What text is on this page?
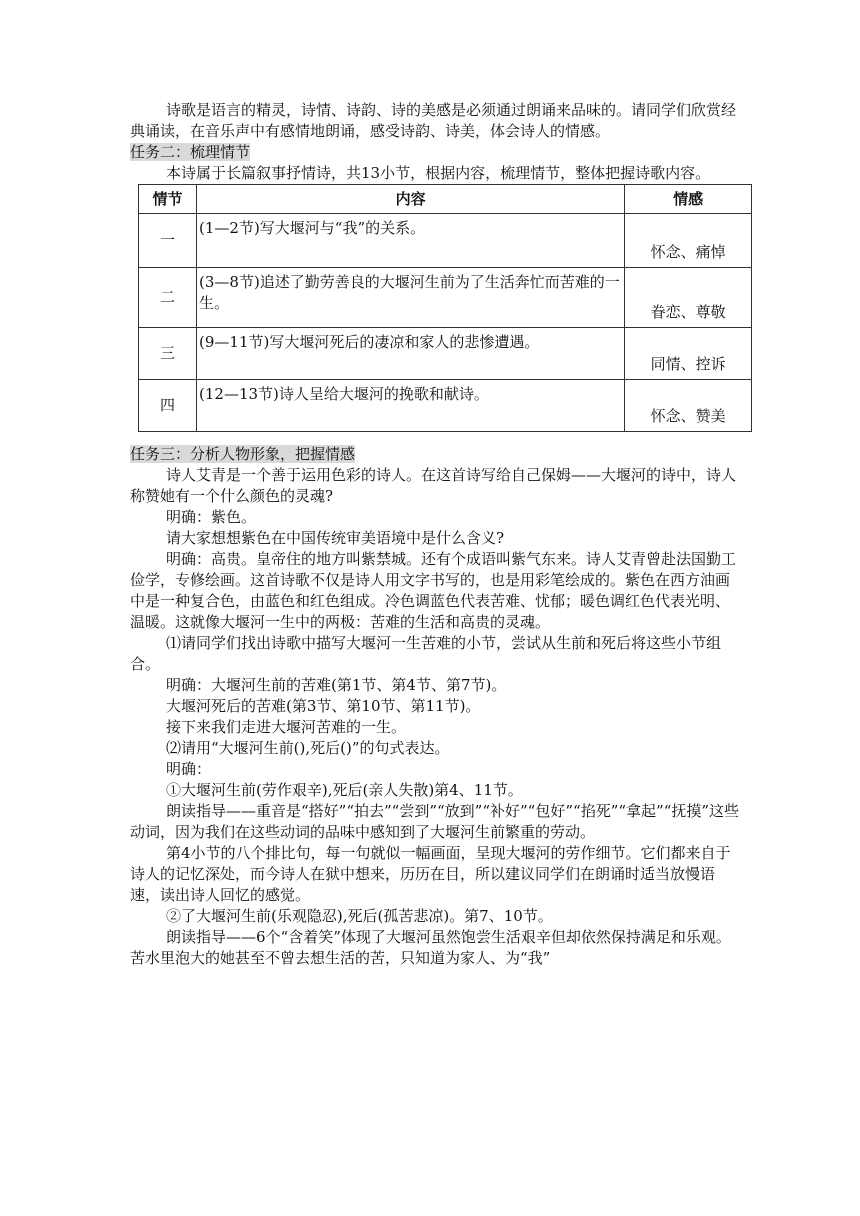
诗歌是语言的精灵，诗情、诗韵、诗的美感是必须通过朗诵来品味的。请同学们欣赏经典诵读，在音乐声中有感情地朗诵，感受诗韵、诗美，体会诗人的情感。

任务二：梳理情节

本诗属于长篇叙事抒情诗，共13小节，根据内容，梳理情节，整体把握诗歌内容。

情节	内容	情感
一	(1—2节)写大堰河与“我”的关系。	怀念、痛悼
二	(3—8节)追述了勤劳善良的大堰河生前为了生活奔忙而苦难的一生。	眷恋、尊敬
三	(9—11节)写大堰河死后的凄凉和家人的悲惨遭遇。	同情、控诉
四	(12—13节)诗人呈给大堰河的挽歌和献诗。	怀念、赞美
任务三：分析人物形象，把握情感

诗人艾青是一个善于运用色彩的诗人。在这首诗写给自己保姆——大堰河的诗中，诗人称赞她有一个什么颜色的灵魂?

明确：紫色。

请大家想想紫色在中国传统审美语境中是什么含义?

明确：高贵。皇帝住的地方叫紫禁城。还有个成语叫紫气东来。诗人艾青曾赴法国勤工俭学，专修绘画。这首诗歌不仅是诗人用文字书写的，也是用彩笔绘成的。紫色在西方油画中是一种复合色，由蓝色和红色组成。冷色调蓝色代表苦难、忧郁；暖色调红色代表光明、温暖。这就像大堰河一生中的两极：苦难的生活和高贵的灵魂。

⑴请同学们找出诗歌中描写大堰河一生苦难的小节，尝试从生前和死后将这些小节组合。

明确：大堰河生前的苦难(第1节、第4节、第7节)。

大堰河死后的苦难(第3节、第10节、第11节)。

接下来我们走进大堰河苦难的一生。

⑵请用“大堰河生前(),死后()”的句式表达。

明确：

①大堰河生前(劳作艰辛),死后(亲人失散)第4、11节。

朗读指导——重音是“搭好”“拍去”“尝到”“放到”“补好”“包好”“掐死”“拿起”“抚摸”这些动词，因为我们在这些动词的品味中感知到了大堰河生前繁重的劳动。

第4小节的八个排比句，每一句就似一幅画面，呈现大堰河的劳作细节。它们都来自于诗人的记忆深处，而今诗人在狱中想来，历历在目，所以建议同学们在朗诵时适当放慢语速，读出诗人回忆的感觉。

②了大堰河生前(乐观隐忍),死后(孤苦悲凉)。第7、10节。

朗读指导——6个“含着笑”体现了大堰河虽然饱尝生活艰辛但却依然保持满足和乐观。苦水里泡大的她甚至不曾去想生活的苦，只知道为家人、为“我”
